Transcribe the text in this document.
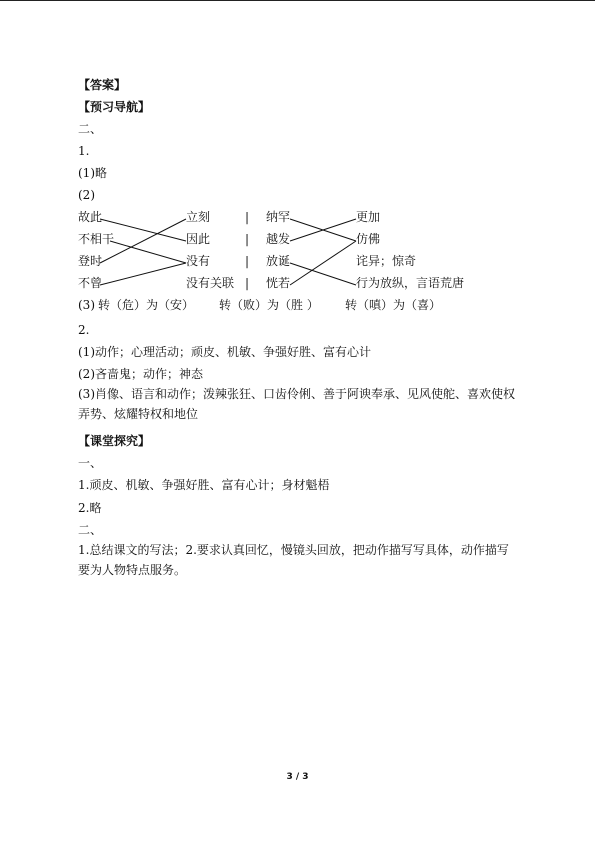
【答案】
【预习导航】
二、
1.
(1)略
(2)
故此
不相干
登时
不曾
立刻
因此
没有
没有关联
|
|
|
|
纳罕
越发
放诞
恍若
更加
仿佛
诧异；惊奇
行为放纵，言语荒唐
(3) 转（危）为（安） 转（败）为（胜 ） 转（嗔）为（喜）
2.
(1)动作；心理活动；顽皮、机敏、争强好胜、富有心计
(2)吝啬鬼；动作；神态
(3)肖像、语言和动作；泼辣张狂、口齿伶俐、善于阿谀奉承、见风使舵、喜欢使权弄势、炫耀特权和地位
【课堂探究】
一、
1.顽皮、机敏、争强好胜、富有心计；身材魁梧
2.略
二、
1.总结课文的写法；2.要求认真回忆，慢镜头回放，把动作描写写具体，动作描写要为人物特点服务。
3 / 3
